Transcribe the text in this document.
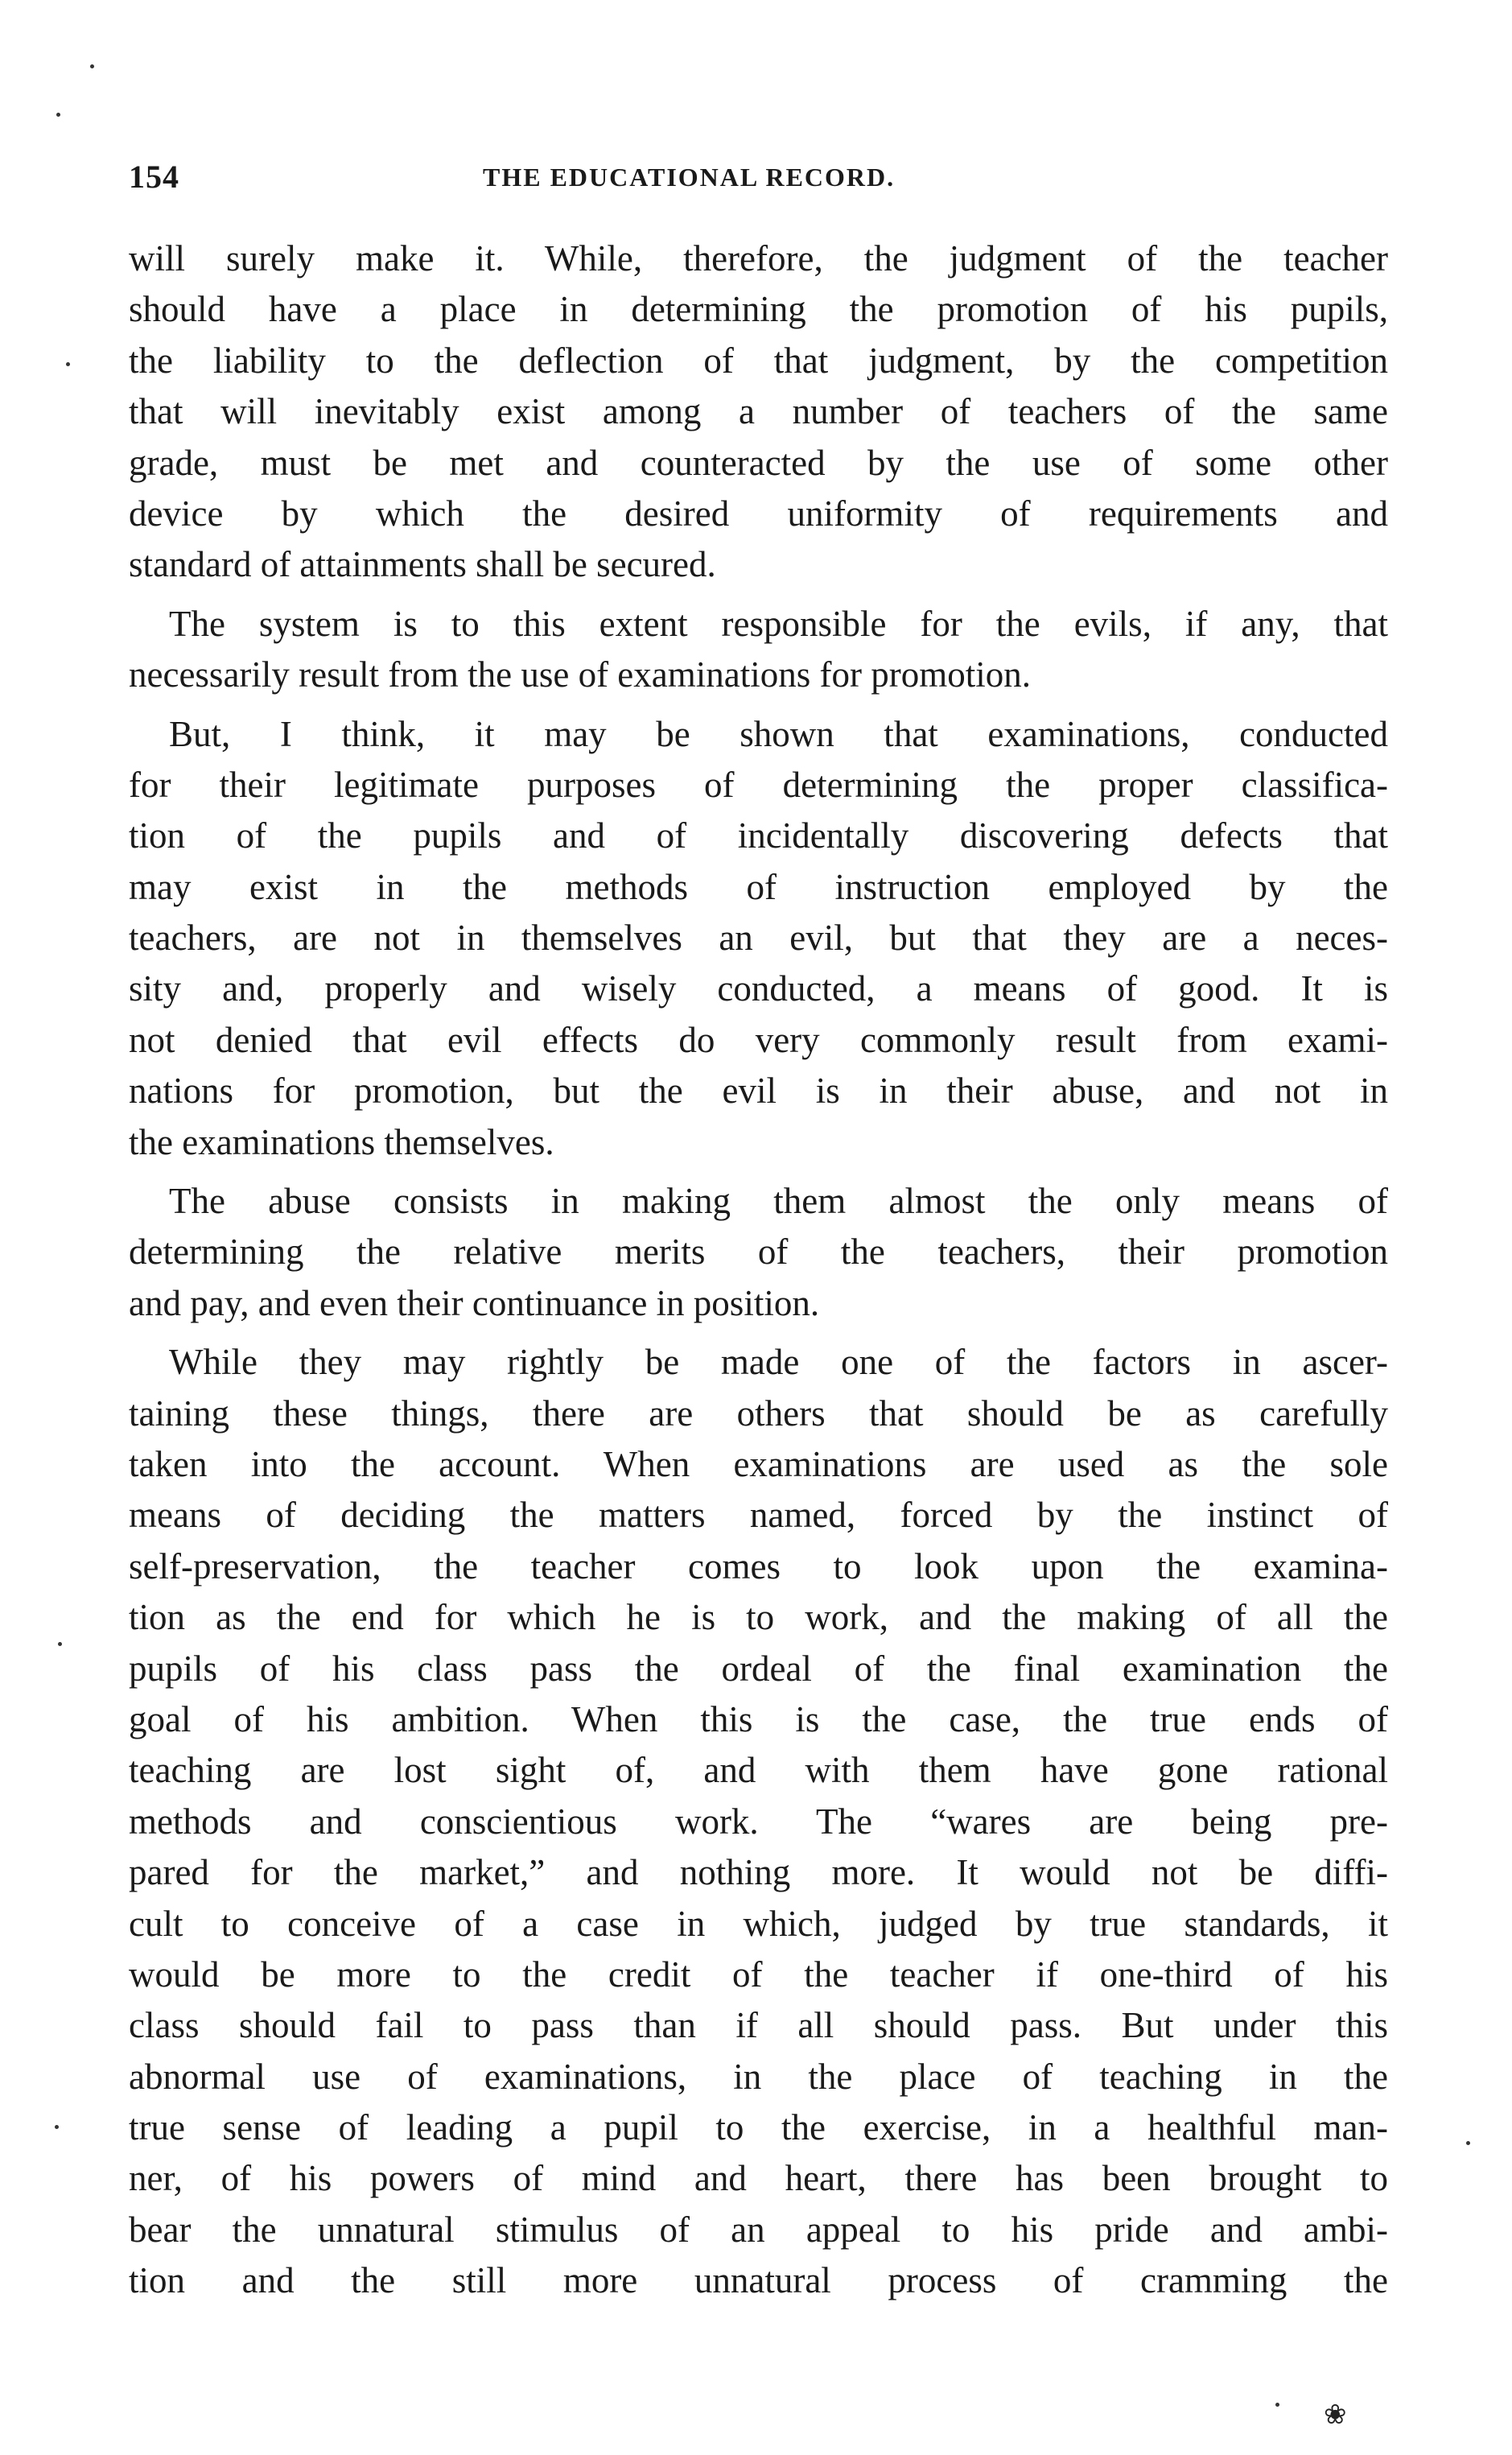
154	THE EDUCATIONAL RECORD.
will surely make it. While, therefore, the judgment of the teacher
should have a place in determining the promotion of his pupils,
the liability to the deflection of that judgment, by the competition
that will inevitably exist among a number of teachers of the same
grade, must be met and counteracted by the use of some other
device by which the desired uniformity of requirements and
standard of attainments shall be secured.
The system is to this extent responsible for the evils, if any, that
necessarily result from the use of examinations for promotion.
But, I think, it may be shown that examinations, conducted
for their legitimate purposes of determining the proper classifica-
tion of the pupils and of incidentally discovering defects that
may exist in the methods of instruction employed by the
teachers, are not in themselves an evil, but that they are a neces-
sity and, properly and wisely conducted, a means of good. It is
not denied that evil effects do very commonly result from exami-
nations for promotion, but the evil is in their abuse, and not in
the examinations themselves.
The abuse consists in making them almost the only means of
determining the relative merits of the teachers, their promotion
and pay, and even their continuance in position.
While they may rightly be made one of the factors in ascer-
taining these things, there are others that should be as carefully
taken into the account. When examinations are used as the sole
means of deciding the matters named, forced by the instinct of
self-preservation, the teacher comes to look upon the examina-
tion as the end for which he is to work, and the making of all the
pupils of his class pass the ordeal of the final examination the
goal of his ambition. When this is the case, the true ends of
teaching are lost sight of, and with them have gone rational
methods and conscientious work. The “wares are being pre-
pared for the market,” and nothing more. It would not be diffi-
cult to conceive of a case in which, judged by true standards, it
would be more to the credit of the teacher if one-third of his
class should fail to pass than if all should pass. But under this
abnormal use of examinations, in the place of teaching in the
true sense of leading a pupil to the exercise, in a healthful man-
ner, of his powers of mind and heart, there has been brought to
bear the unnatural stimulus of an appeal to his pride and ambi-
tion and the still more unnatural process of cramming the
❀
